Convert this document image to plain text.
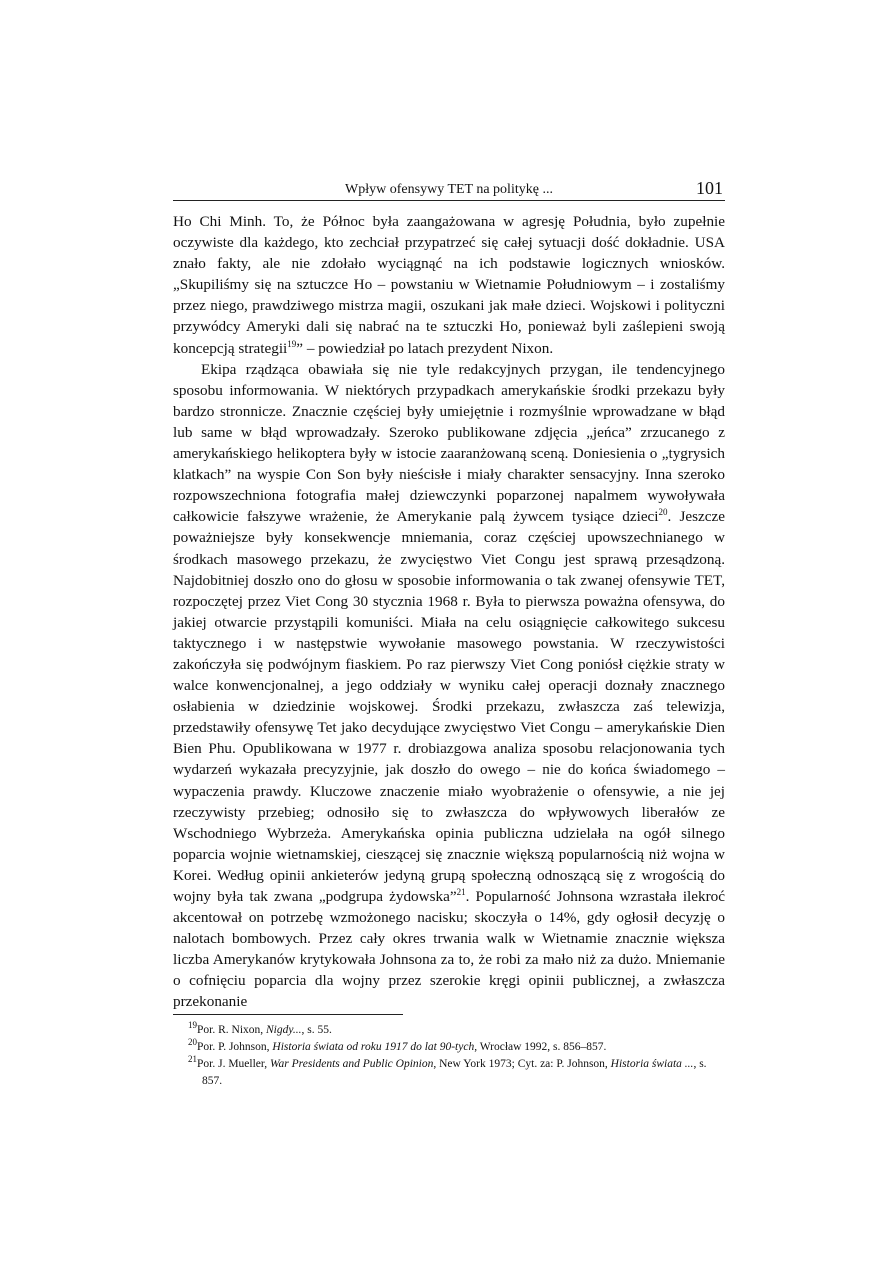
Wpływ ofensywy TET na politykę ...	101

Ho Chi Minh. To, że Północ była zaangażowana w agresję Południa, było zupełnie oczywiste dla każdego, kto zechciał przypatrzeć się całej sytuacji dość dokładnie. USA znało fakty, ale nie zdołało wyciągnąć na ich podstawie logicznych wniosków. „Skupiliśmy się na sztuczce Ho – powstaniu w Wietnamie Południowym – i zostaliśmy przez niego, prawdziwego mistrza magii, oszukani jak małe dzieci. Wojskowi i polityczni przywódcy Ameryki dali się nabrać na te sztuczki Ho, ponieważ byli zaślepieni swoją koncepcją strategii$^{19}$” – powiedział po latach prezydent Nixon.

Ekipa rządząca obawiała się nie tyle redakcyjnych przygan, ile tendencyjnego sposobu informowania. W niektórych przypadkach amerykańskie środki przekazu były bardzo stronnicze. Znacznie częściej były umiejętnie i rozmyślnie wprowadzane w błąd lub same w błąd wprowadzały. Szeroko publikowane zdjęcia „jeńca” zrzucanego z amerykańskiego helikoptera były w istocie zaaranżowaną sceną. Doniesienia o „tygrysich klatkach” na wyspie Con Son były nieścisłe i miały charakter sensacyjny. Inna szeroko rozpowszechniona fotografia małej dziewczynki poparzonej napalmem wywoływała całkowicie fałszywe wrażenie, że Amerykanie palą żywcem tysiące dzieci$^{20}$. Jeszcze poważniejsze były konsekwencje mniemania, coraz częściej upowszechnianego w środkach masowego przekazu, że zwycięstwo Viet Congu jest sprawą przesądzoną. Najdobitniej doszło ono do głosu w sposobie informowania o tak zwanej ofensywie TET, rozpoczętej przez Viet Cong 30 stycznia 1968 r. Była to pierwsza poważna ofensywa, do jakiej otwarcie przystąpili komuniści. Miała na celu osiągnięcie całkowitego sukcesu taktycznego i w następstwie wywołanie masowego powstania. W rzeczywistości zakończyła się podwójnym fiaskiem. Po raz pierwszy Viet Cong poniósł ciężkie straty w walce konwencjonalnej, a jego oddziały w wyniku całej operacji doznały znacznego osłabienia w dziedzinie wojskowej. Środki przekazu, zwłaszcza zaś telewizja, przedstawiły ofensywę Tet jako decydujące zwycięstwo Viet Congu – amerykańskie Dien Bien Phu. Opublikowana w 1977 r. drobiazgowa analiza sposobu relacjonowania tych wydarzeń wykazała precyzyjnie, jak doszło do owego – nie do końca świadomego – wypaczenia prawdy. Kluczowe znaczenie miało wyobrażenie o ofensywie, a nie jej rzeczywisty przebieg; odnosiło się to zwłaszcza do wpływowych liberałów ze Wschodniego Wybrzeża. Amerykańska opinia publiczna udzielała na ogół silnego poparcia wojnie wietnamskiej, cieszącej się znacznie większą popularnością niż wojna w Korei. Według opinii ankieterów jedyną grupą społeczną odnoszącą się z wrogością do wojny była tak zwana „podgrupa żydowska”$^{21}$. Popularność Johnsona wzrastała ilekroć akcentował on potrzebę wzmożonego nacisku; skoczyła o 14%, gdy ogłosił decyzję o nalotach bombowych. Przez cały okres trwania walk w Wietnamie znacznie większa liczba Amerykanów krytykowała Johnsona za to, że robi za mało niż za dużo. Mniemanie o cofnięciu poparcia dla wojny przez szerokie kręgi opinii publicznej, a zwłaszcza przekonanie

$^{19}$Por. R. Nixon, Nigdy..., s. 55.

$^{20}$Por. P. Johnson, Historia świata od roku 1917 do lat 90-tych, Wrocław 1992, s. 856–857.

$^{21}$Por. J. Mueller, War Presidents and Public Opinion, New York 1973; Cyt. za: P. Johnson, Historia świata ..., s. 857.
